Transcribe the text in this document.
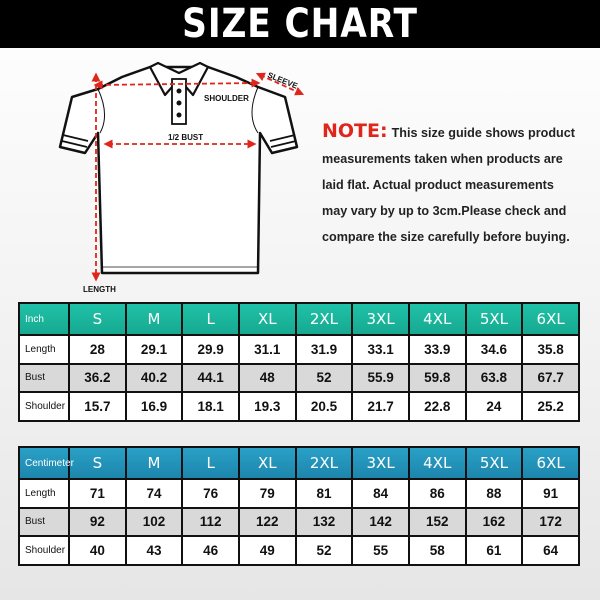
SIZE CHART
SHOULDER
SLEEVE
1/2 BUST
LENGTH
NOTE: This size guide shows product
measurements taken when products are
laid flat. Actual product measurements
may vary by up to 3cm.Please check and
compare the size carefully before buying.
Inch	S	M	L	XL	2XL	3XL	4XL	5XL	6XL
Length	28	29.1	29.9	31.1	31.9	33.1	33.9	34.6	35.8
Bust	36.2	40.2	44.1	48	52	55.9	59.8	63.8	67.7
Shoulder	15.7	16.9	18.1	19.3	20.5	21.7	22.8	24	25.2
Centimeter	S	M	L	XL	2XL	3XL	4XL	5XL	6XL
Length	71	74	76	79	81	84	86	88	91
Bust	92	102	112	122	132	142	152	162	172
Shoulder	40	43	46	49	52	55	58	61	64
